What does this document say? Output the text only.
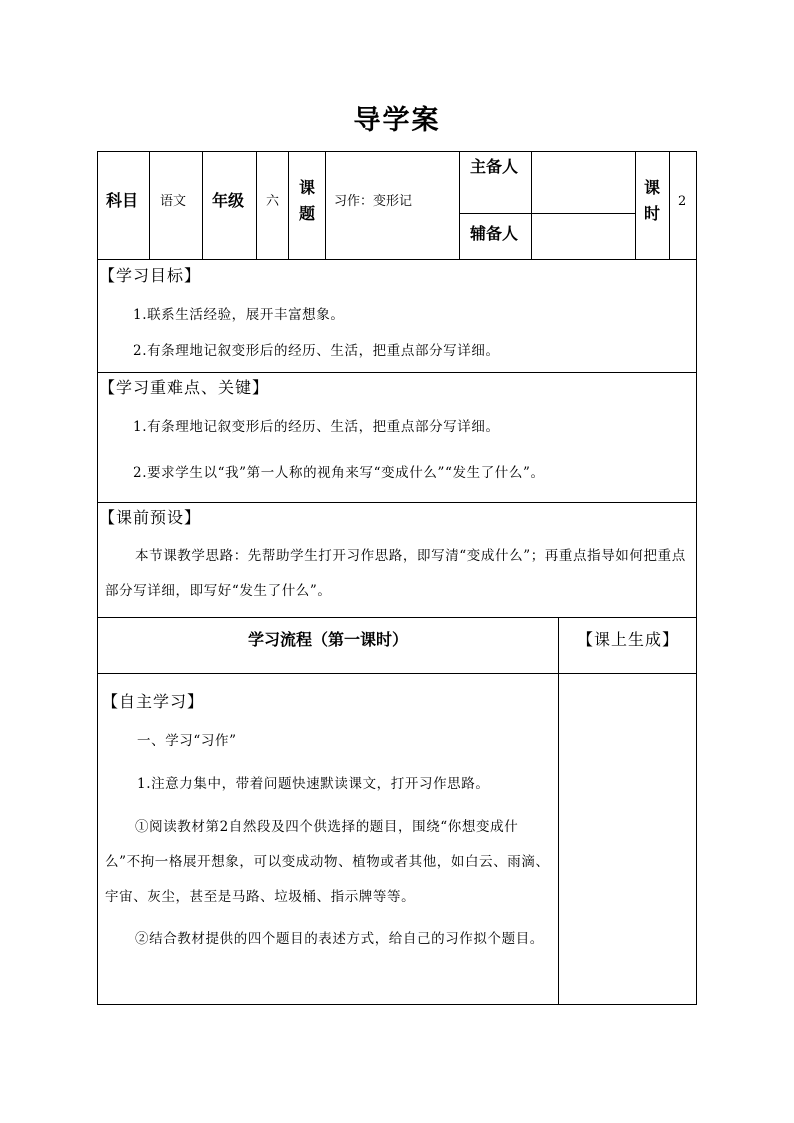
导学案
科目 语文 年级 六
课题
习作：变形记
主备人
辅备人
课时
2
【学习目标】
1.联系生活经验，展开丰富想象。
2.有条理地记叙变形后的经历、生活，把重点部分写详细。
【学习重难点、关键】
1.有条理地记叙变形后的经历、生活，把重点部分写详细。
2.要求学生以“我”第一人称的视角来写“变成什么”“发生了什么”。
【课前预设】
本节课教学思路：先帮助学生打开习作思路，即写清“变成什么”；再重点指导如何把重点部分写详细，即写好“发生了什么”。
学习流程（第一课时）	【课上生成】
【自主学习】
一、学习“习作”
1.注意力集中，带着问题快速默读课文，打开习作思路。
①阅读教材第2自然段及四个供选择的题目，围绕“你想变成什么”不拘一格展开想象，可以变成动物、植物或者其他，如白云、雨滴、宇宙、灰尘，甚至是马路、垃圾桶、指示牌等等。
②结合教材提供的四个题目的表述方式，给自己的习作拟个题目。
